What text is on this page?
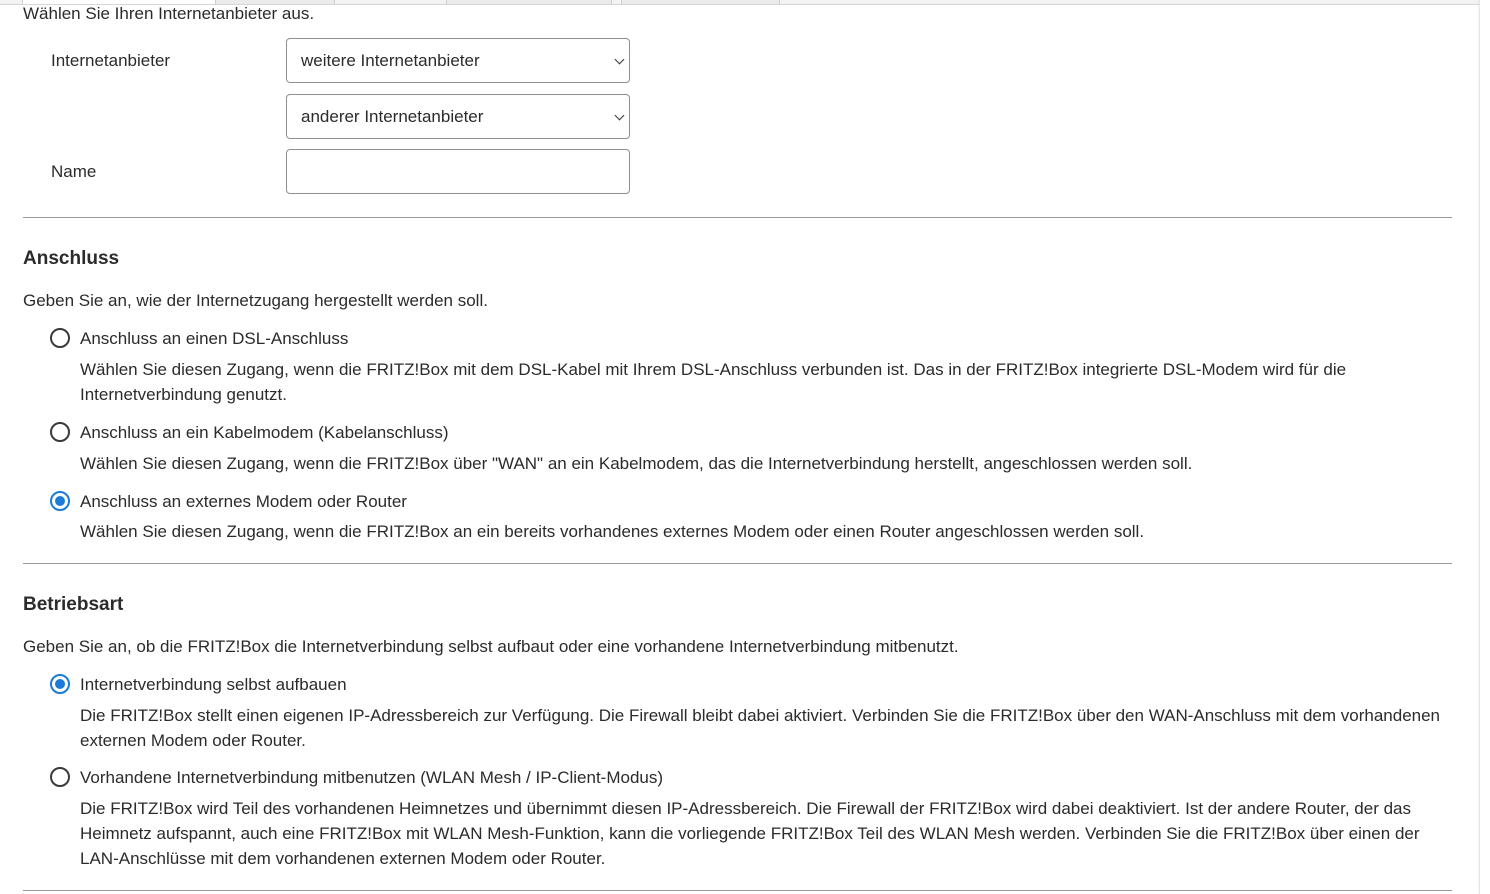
Wählen Sie Ihren Internetanbieter aus.
Internetanbieter	weitere Internetanbieter
anderer Internetanbieter
Name
Anschluss
Geben Sie an, wie der Internetzugang hergestellt werden soll.
Anschluss an einen DSL-Anschluss
Wählen Sie diesen Zugang, wenn die FRITZ!Box mit dem DSL-Kabel mit Ihrem DSL-Anschluss verbunden ist. Das in der FRITZ!Box integrierte DSL-Modem wird für die Internetverbindung genutzt.
Anschluss an ein Kabelmodem (Kabelanschluss)
Wählen Sie diesen Zugang, wenn die FRITZ!Box über "WAN" an ein Kabelmodem, das die Internetverbindung herstellt, angeschlossen werden soll.
Anschluss an externes Modem oder Router
Wählen Sie diesen Zugang, wenn die FRITZ!Box an ein bereits vorhandenes externes Modem oder einen Router angeschlossen werden soll.
Betriebsart
Geben Sie an, ob die FRITZ!Box die Internetverbindung selbst aufbaut oder eine vorhandene Internetverbindung mitbenutzt.
Internetverbindung selbst aufbauen
Die FRITZ!Box stellt einen eigenen IP-Adressbereich zur Verfügung. Die Firewall bleibt dabei aktiviert. Verbinden Sie die FRITZ!Box über den WAN-Anschluss mit dem vorhandenen externen Modem oder Router.
Vorhandene Internetverbindung mitbenutzen (WLAN Mesh / IP-Client-Modus)
Die FRITZ!Box wird Teil des vorhandenen Heimnetzes und übernimmt diesen IP-Adressbereich. Die Firewall der FRITZ!Box wird dabei deaktiviert. Ist der andere Router, der das Heimnetz aufspannt, auch eine FRITZ!Box mit WLAN Mesh-Funktion, kann die vorliegende FRITZ!Box Teil des WLAN Mesh werden. Verbinden Sie die FRITZ!Box über einen der LAN-Anschlüsse mit dem vorhandenen externen Modem oder Router.
